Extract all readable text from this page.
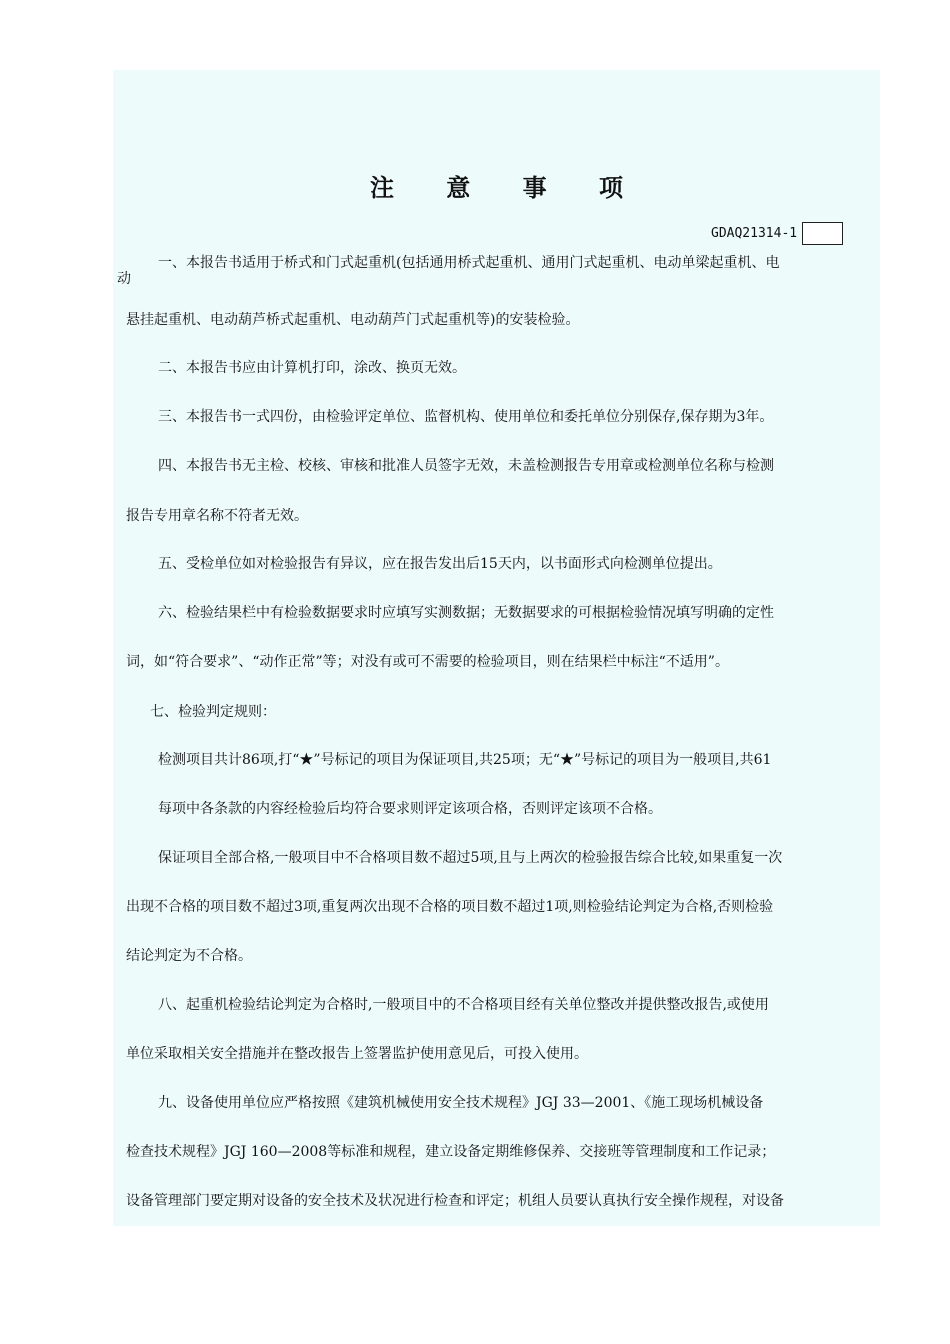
注 意 事 项
GDAQ21314-1
一、本报告书适用于桥式和门式起重机(包括通用桥式起重机、通用门式起重机、电动单梁起重机、电
动
悬挂起重机、电动葫芦桥式起重机、电动葫芦门式起重机等)的安装检验。
二、本报告书应由计算机打印，涂改、换页无效。
三、本报告书一式四份，由检验评定单位、监督机构、使用单位和委托单位分别保存,保存期为3年。
四、本报告书无主检、校核、审核和批准人员签字无效，未盖检测报告专用章或检测单位名称与检测
报告专用章名称不符者无效。
五、受检单位如对检验报告有异议，应在报告发出后15天内，以书面形式向检测单位提出。
六、检验结果栏中有检验数据要求时应填写实测数据；无数据要求的可根据检验情况填写明确的定性
词，如“符合要求”、“动作正常”等；对没有或可不需要的检验项目，则在结果栏中标注“不适用”。
七、检验判定规则：
检测项目共计86项,打“★”号标记的项目为保证项目,共25项；无“★”号标记的项目为一般项目,共61
每项中各条款的内容经检验后均符合要求则评定该项合格，否则评定该项不合格。
保证项目全部合格,一般项目中不合格项目数不超过5项,且与上两次的检验报告综合比较,如果重复一次
出现不合格的项目数不超过3项,重复两次出现不合格的项目数不超过1项,则检验结论判定为合格,否则检验
结论判定为不合格。
八、起重机检验结论判定为合格时,一般项目中的不合格项目经有关单位整改并提供整改报告,或使用
单位采取相关安全措施并在整改报告上签署监护使用意见后，可投入使用。
九、设备使用单位应严格按照《建筑机械使用安全技术规程》JGJ 33—2001、《施工现场机械设备
检查技术规程》JGJ 160—2008等标准和规程，建立设备定期维修保养、交接班等管理制度和工作记录；
设备管理部门要定期对设备的安全技术及状况进行检查和评定；机组人员要认真执行安全操作规程，对设备
